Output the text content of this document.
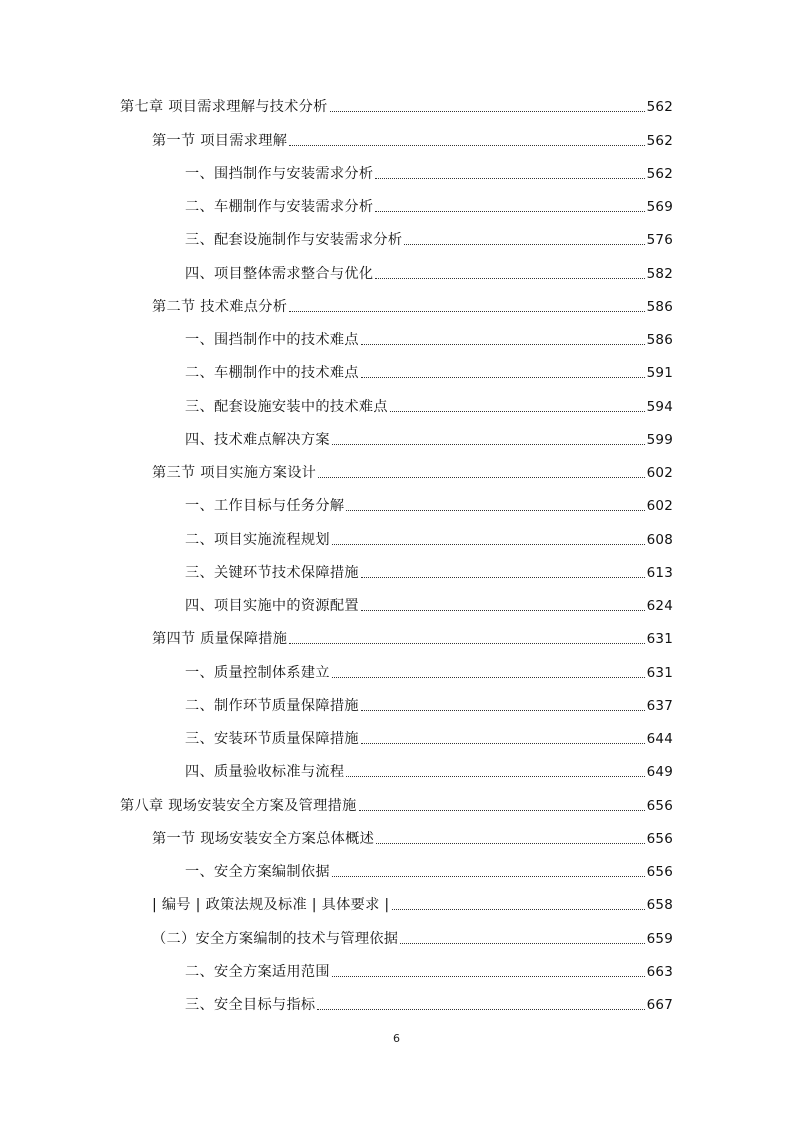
第七章 项目需求理解与技术分析	562
第一节 项目需求理解	562
一、围挡制作与安装需求分析	562
二、车棚制作与安装需求分析	569
三、配套设施制作与安装需求分析	576
四、项目整体需求整合与优化	582
第二节 技术难点分析	586
一、围挡制作中的技术难点	586
二、车棚制作中的技术难点	591
三、配套设施安装中的技术难点	594
四、技术难点解决方案	599
第三节 项目实施方案设计	602
一、工作目标与任务分解	602
二、项目实施流程规划	608
三、关键环节技术保障措施	613
四、项目实施中的资源配置	624
第四节 质量保障措施	631
一、质量控制体系建立	631
二、制作环节质量保障措施	637
三、安装环节质量保障措施	644
四、质量验收标准与流程	649
第八章 现场安装安全方案及管理措施	656
第一节 现场安装安全方案总体概述	656
一、安全方案编制依据	656
| 编号 | 政策法规及标准 | 具体要求 |	658
（二）安全方案编制的技术与管理依据	659
二、安全方案适用范围	663
三、安全目标与指标	667
6
